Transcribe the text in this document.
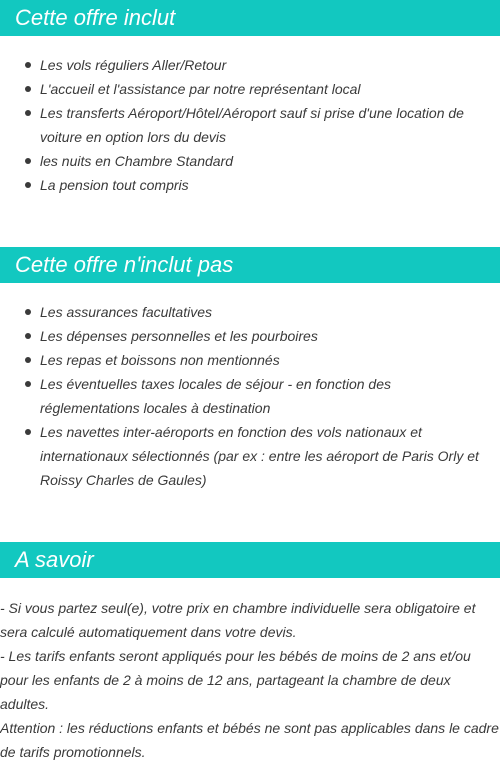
Cette offre inclut
Les vols réguliers Aller/Retour
L'accueil et l'assistance par notre représentant local
Les transferts Aéroport/Hôtel/Aéroport sauf si prise d'une location de voiture en option lors du devis
les nuits en Chambre Standard
La pension tout compris
Cette offre n'inclut pas
Les assurances facultatives
Les dépenses personnelles et les pourboires
Les repas et boissons non mentionnés
Les éventuelles taxes locales de séjour - en fonction des réglementations locales à destination
Les navettes inter-aéroports en fonction des vols nationaux et internationaux sélectionnés (par ex : entre les aéroport de Paris Orly et Roissy Charles de Gaules)
A savoir
- Si vous partez seul(e), votre prix en chambre individuelle sera obligatoire et sera calculé automatiquement dans votre devis.
- Les tarifs enfants seront appliqués pour les bébés de moins de 2 ans et/ou pour les enfants de 2 à moins de 12 ans, partageant la chambre de deux adultes.
Attention : les réductions enfants et bébés ne sont pas applicables dans le cadre de tarifs promotionnels.
